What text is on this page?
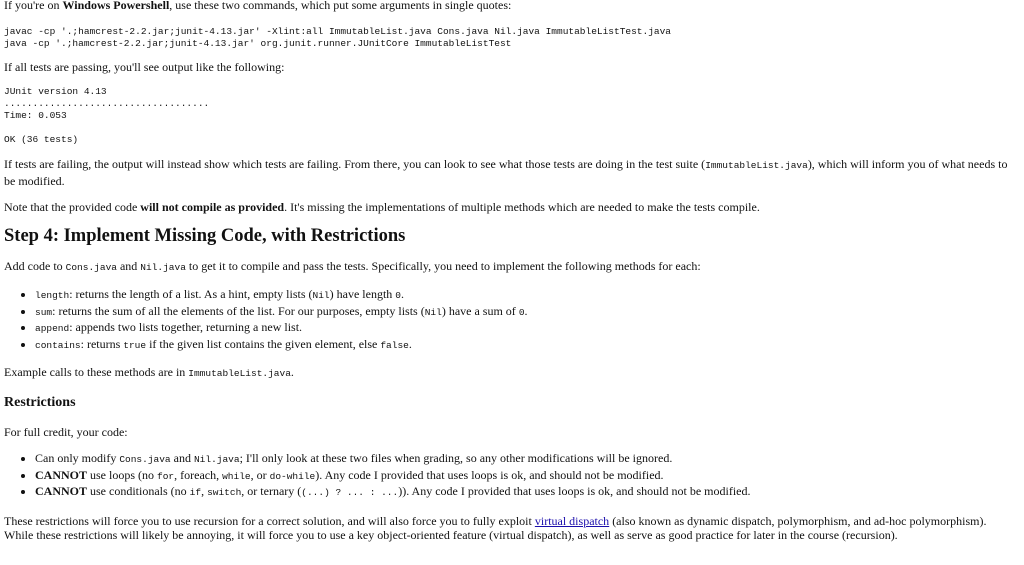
If you're on Windows Powershell, use these two commands, which put some arguments in single quotes:

javac -cp '.;hamcrest-2.2.jar;junit-4.13.jar' -Xlint:all ImmutableList.java Cons.java Nil.java ImmutableListTest.java
java -cp '.;hamcrest-2.2.jar;junit-4.13.jar' org.junit.runner.JUnitCore ImmutableListTest

If all tests are passing, you'll see output like the following:

JUnit version 4.13
....................................
Time: 0.053

OK (36 tests)

If tests are failing, the output will instead show which tests are failing. From there, you can look to see what those tests are doing in the test suite (ImmutableList.java), which will inform you of what needs to be modified.

Note that the provided code will not compile as provided. It's missing the implementations of multiple methods which are needed to make the tests compile.

Step 4: Implement Missing Code, with Restrictions

Add code to Cons.java and Nil.java to get it to compile and pass the tests. Specifically, you need to implement the following methods for each:

• length: returns the length of a list. As a hint, empty lists (Nil) have length 0.
• sum: returns the sum of all the elements of the list. For our purposes, empty lists (Nil) have a sum of 0.
• append: appends two lists together, returning a new list.
• contains: returns true if the given list contains the given element, else false.

Example calls to these methods are in ImmutableList.java.

Restrictions

For full credit, your code:

• Can only modify Cons.java and Nil.java; I'll only look at these two files when grading, so any other modifications will be ignored.
• CANNOT use loops (no for, foreach, while, or do-while). Any code I provided that uses loops is ok, and should not be modified.
• CANNOT use conditionals (no if, switch, or ternary ((...) ? ... : ...)). Any code I provided that uses loops is ok, and should not be modified.

These restrictions will force you to use recursion for a correct solution, and will also force you to fully exploit virtual dispatch (also known as dynamic dispatch, polymorphism, and ad-hoc polymorphism). While these restrictions will likely be annoying, it will force you to use a key object-oriented feature (virtual dispatch), as well as serve as good practice for later in the course (recursion).
